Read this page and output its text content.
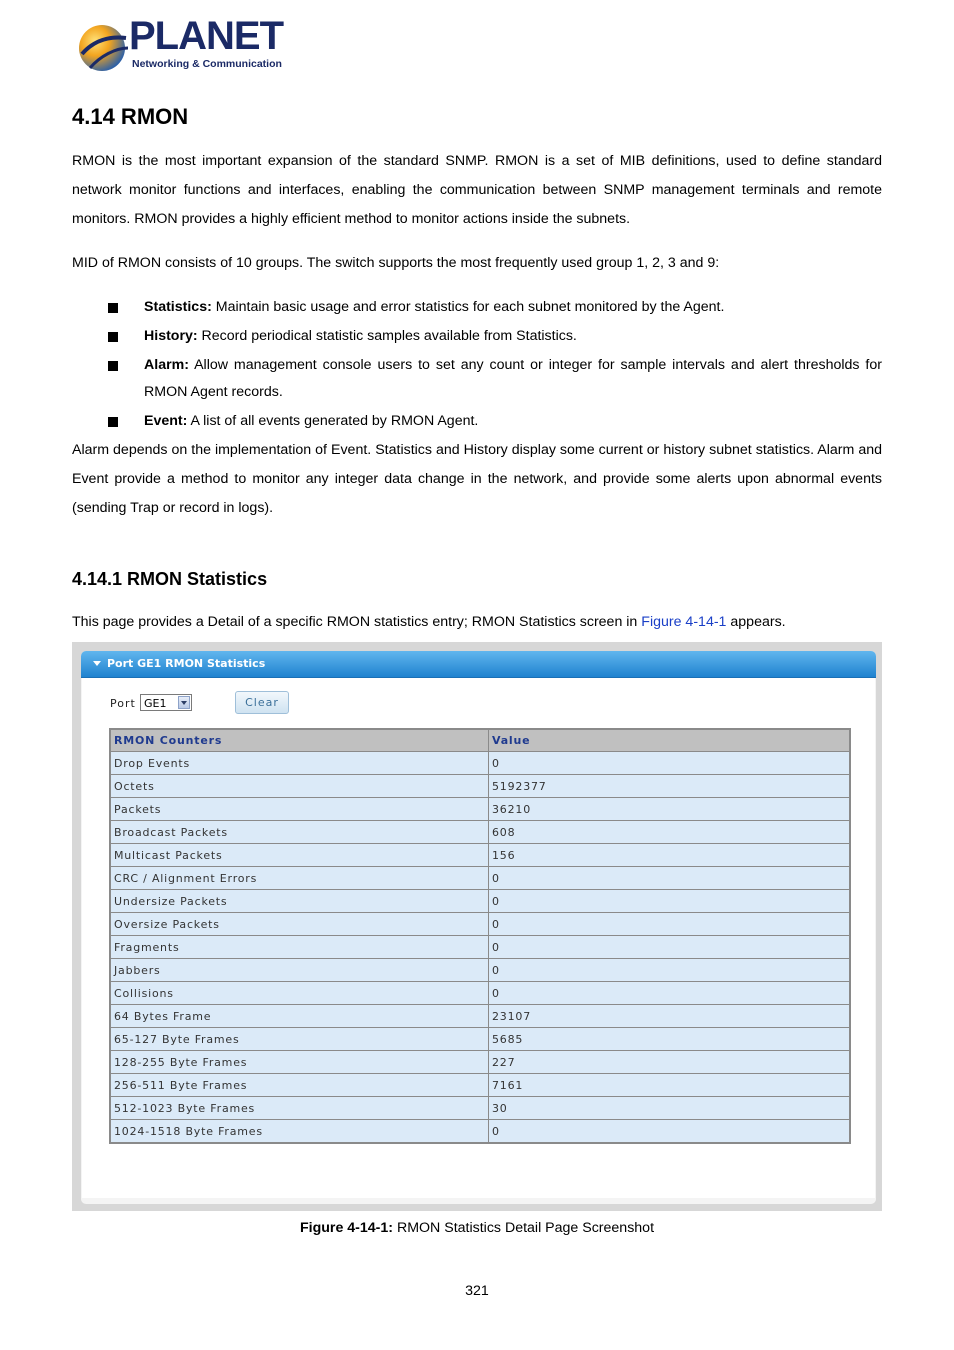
PLANET
Networking & Communication
4.14 RMON

RMON is the most important expansion of the standard SNMP. RMON is a set of MIB definitions, used to define standard network monitor functions and interfaces, enabling the communication between SNMP management terminals and remote monitors. RMON provides a highly efficient method to monitor actions inside the subnets.

MID of RMON consists of 10 groups. The switch supports the most frequently used group 1, 2, 3 and 9:

Statistics: Maintain basic usage and error statistics for each subnet monitored by the Agent.
History: Record periodical statistic samples available from Statistics.
Alarm: Allow management console users to set any count or integer for sample intervals and alert thresholds for RMON Agent records.
Event: A list of all events generated by RMON Agent.

Alarm depends on the implementation of Event. Statistics and History display some current or history subnet statistics. Alarm and Event provide a method to monitor any integer data change in the network, and provide some alerts upon abnormal events (sending Trap or record in logs).

4.14.1 RMON Statistics

This page provides a Detail of a specific RMON statistics entry; RMON Statistics screen in Figure 4-14-1 appears.

Port GE1 RMON Statistics
Port GE1	Clear
RMON Counters	Value
Drop Events	0
Octets	5192377
Packets	36210
Broadcast Packets	608
Multicast Packets	156
CRC / Alignment Errors	0
Undersize Packets	0
Oversize Packets	0
Fragments	0
Jabbers	0
Collisions	0
64 Bytes Frame	23107
65-127 Byte Frames	5685
128-255 Byte Frames	227
256-511 Byte Frames	7161
512-1023 Byte Frames	30
1024-1518 Byte Frames	0
Figure 4-14-1: RMON Statistics Detail Page Screenshot
321
